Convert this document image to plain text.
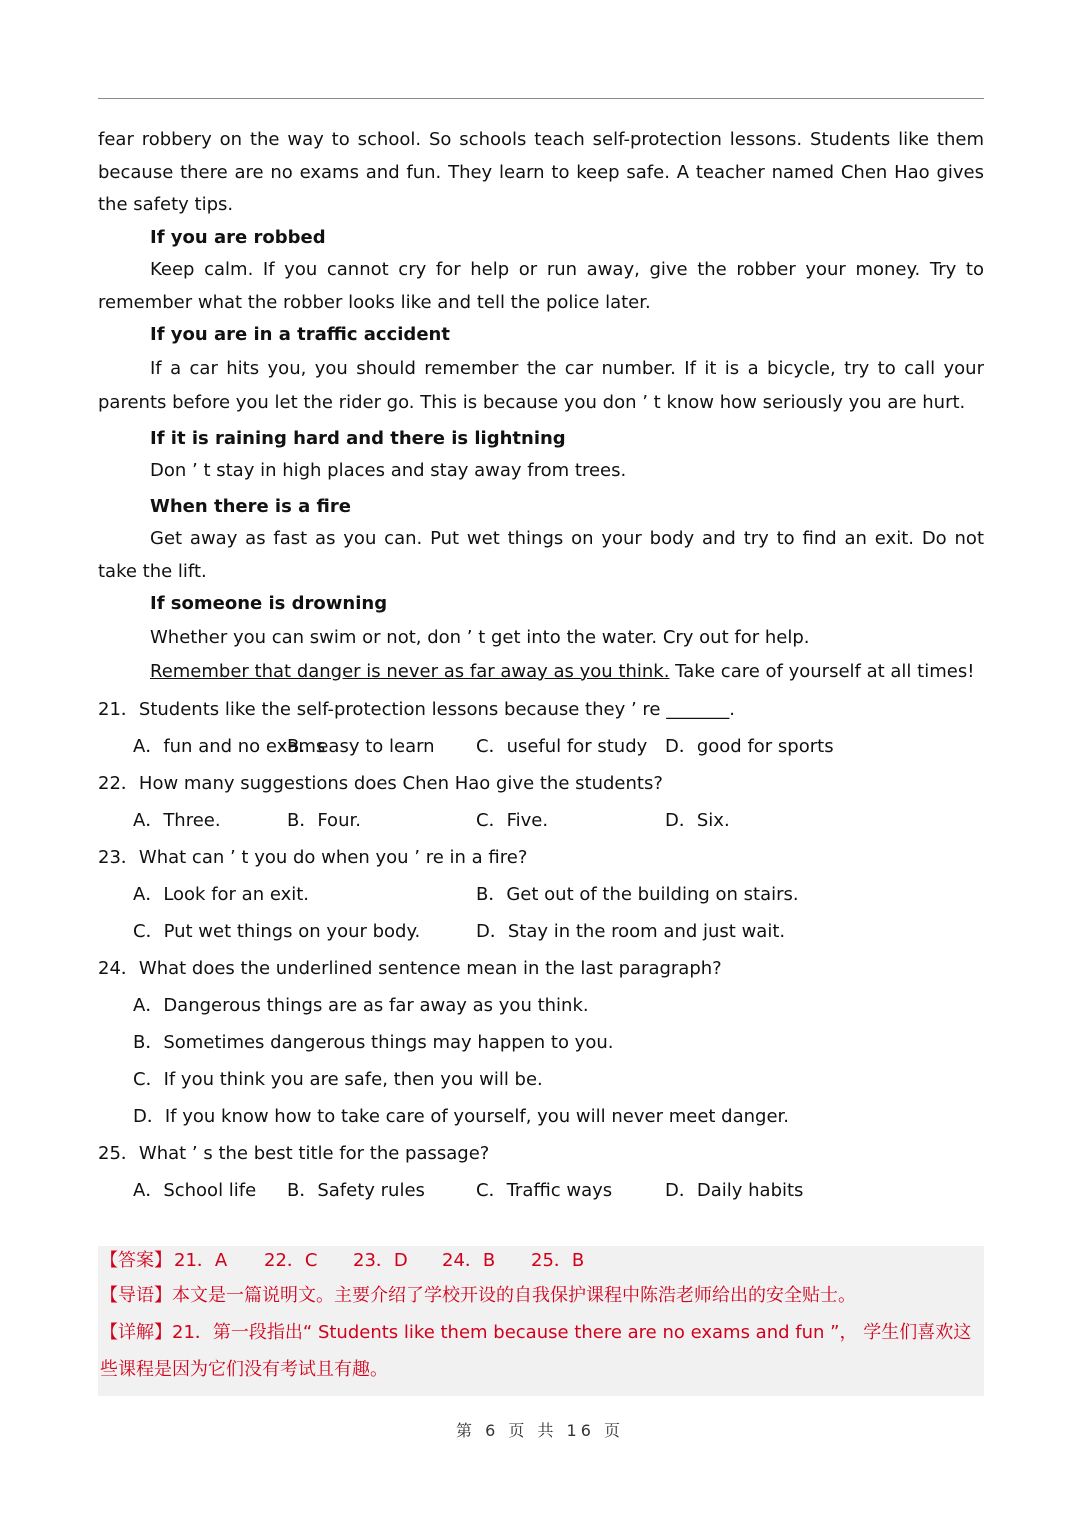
fear robbery on the way to school. So schools teach self-protection lessons. Students like them because there are no exams and fun. They learn to keep safe. A teacher named Chen Hao gives the safety tips.

If you are robbed

Keep calm. If you cannot cry for help or run away, give the robber your money. Try to remember what the robber looks like and tell the police later.

If you are in a traffic accident

If a car hits you, you should remember the car number. If it is a bicycle, try to call your parents before you let the rider go. This is because you don ’ t know how seriously you are hurt.

If it is raining hard and there is lightning

Don ’ t stay in high places and stay away from trees.

When there is a fire

Get away as fast as you can. Put wet things on your body and try to find an exit. Do not take the lift.

If someone is drowning

Whether you can swim or not, don ’ t get into the water. Cry out for help.

Remember that danger is never as far away as you think. Take care of yourself at all times!

21．Students like the self-protection lessons because they ’ re _______.

A．fun and no exams
B．easy to learn C．useful for study D．good for sports

22．How many suggestions does Chen Hao give the students?

A．Three.	B．Four.	C．Five.	D．Six.

23．What can ’ t you do when you ’ re in a fire?

A．Look for an exit.	B．Get out of the building on stairs.
C．Put wet things on your body.	D．Stay in the room and just wait.

24．What does the underlined sentence mean in the last paragraph?

A．Dangerous things are as far away as you think.

B．Sometimes dangerous things may happen to you.

C．If you think you are safe, then you will be.

D．If you know how to take care of yourself, you will never meet danger.

25．What ’ s the best title for the passage?

A．School life B．Safety rules	C．Traffic ways	D．Daily habits
【答案】 21．A 22．C 23．D 24．B 25．B

【导语】本文是一篇说明文。主要介绍了学校开设的自我保护课程中陈浩老师给出的安全贴士。

【详解】21．第一段指出“ Students like them because there are no exams and fun ”， 学生们喜欢这些课程是因为它们没有考试且有趣。

第 6 页 共 16 页
